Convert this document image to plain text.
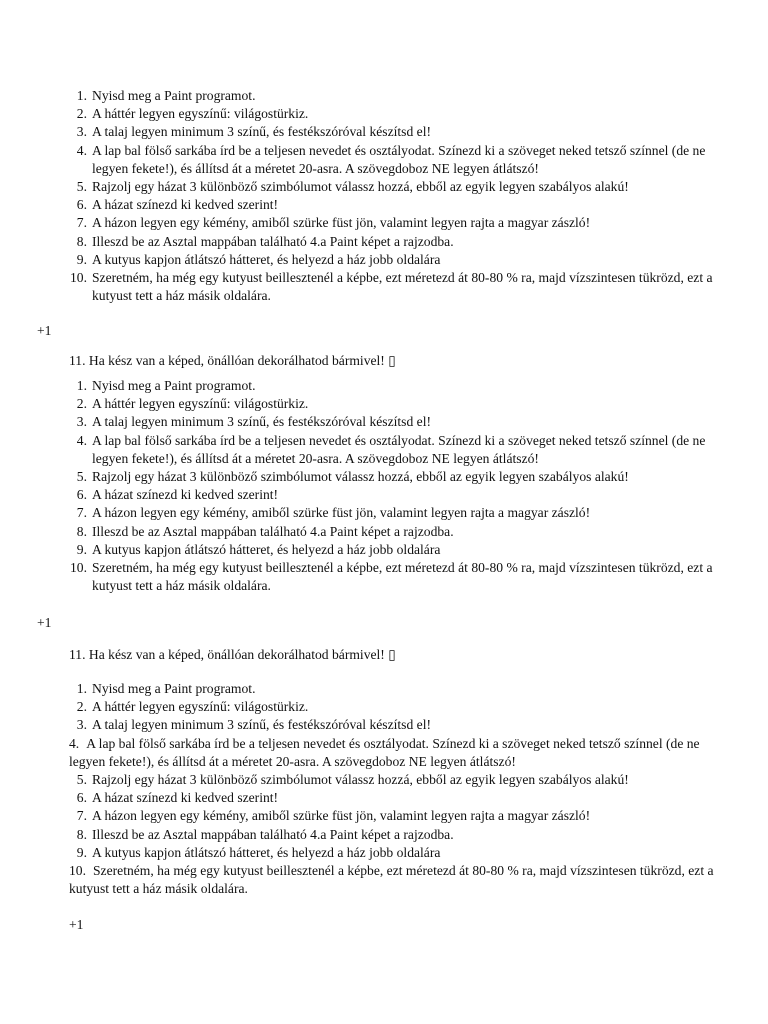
1. Nyisd meg a Paint programot.
2. A háttér legyen egyszínű: világostürkiz.
3. A talaj legyen minimum 3 színű, és festékszóróval készítsd el!
4. A lap bal fölső sarkába írd be a teljesen nevedet és osztályodat. Színezd ki a szöveget neked tetsző színnel (de ne legyen fekete!), és állítsd át a méretet 20-asra. A szövegdoboz NE legyen átlátszó!
5. Rajzolj egy házat 3 különböző szimbólumot válassz hozzá, ebből az egyik legyen szabályos alakú!
6. A házat színezd ki kedved szerint!
7. A házon legyen egy kémény, amiből szürke füst jön, valamint legyen rajta a magyar zászló!
8. Illeszd be az Asztal mappában található 4.a Paint képet a rajzodba.
9. A kutyus kapjon átlátszó hátteret, és helyezd a ház jobb oldalára
10. Szeretném, ha még egy kutyust beillesztenél a képbe, ezt méretezd át 80-80 % ra, majd vízszintesen tükrözd, ezt a kutyust tett a ház másik oldalára.
+1
11. Ha kész van a képed, önállóan dekorálhatod bármivel! ▯
1. Nyisd meg a Paint programot.
2. A háttér legyen egyszínű: világostürkiz.
3. A talaj legyen minimum 3 színű, és festékszóróval készítsd el!
4. A lap bal fölső sarkába írd be a teljesen nevedet és osztályodat. Színezd ki a szöveget neked tetsző színnel (de ne legyen fekete!), és állítsd át a méretet 20-asra. A szövegdoboz NE legyen átlátszó!
5. Rajzolj egy házat 3 különböző szimbólumot válassz hozzá, ebből az egyik legyen szabályos alakú!
6. A házat színezd ki kedved szerint!
7. A házon legyen egy kémény, amiből szürke füst jön, valamint legyen rajta a magyar zászló!
8. Illeszd be az Asztal mappában található 4.a Paint képet a rajzodba.
9. A kutyus kapjon átlátszó hátteret, és helyezd a ház jobb oldalára
10. Szeretném, ha még egy kutyust beillesztenél a képbe, ezt méretezd át 80-80 % ra, majd vízszintesen tükrözd, ezt a kutyust tett a ház másik oldalára.
+1
11. Ha kész van a képed, önállóan dekorálhatod bármivel! ▯
1. Nyisd meg a Paint programot.
2. A háttér legyen egyszínű: világostürkiz.
3. A talaj legyen minimum 3 színű, és festékszóróval készítsd el!
4. A lap bal fölső sarkába írd be a teljesen nevedet és osztályodat. Színezd ki a szöveget neked tetsző színnel (de ne legyen fekete!), és állítsd át a méretet 20-asra. A szövegdoboz NE legyen átlátszó!
5. Rajzolj egy házat 3 különböző szimbólumot válassz hozzá, ebből az egyik legyen szabályos alakú!
6. A házat színezd ki kedved szerint!
7. A házon legyen egy kémény, amiből szürke füst jön, valamint legyen rajta a magyar zászló!
8. Illeszd be az Asztal mappában található 4.a Paint képet a rajzodba.
9. A kutyus kapjon átlátszó hátteret, és helyezd a ház jobb oldalára
10. Szeretném, ha még egy kutyust beillesztenél a képbe, ezt méretezd át 80-80 % ra, majd vízszintesen tükrözd, ezt a kutyust tett a ház másik oldalára.
+1
